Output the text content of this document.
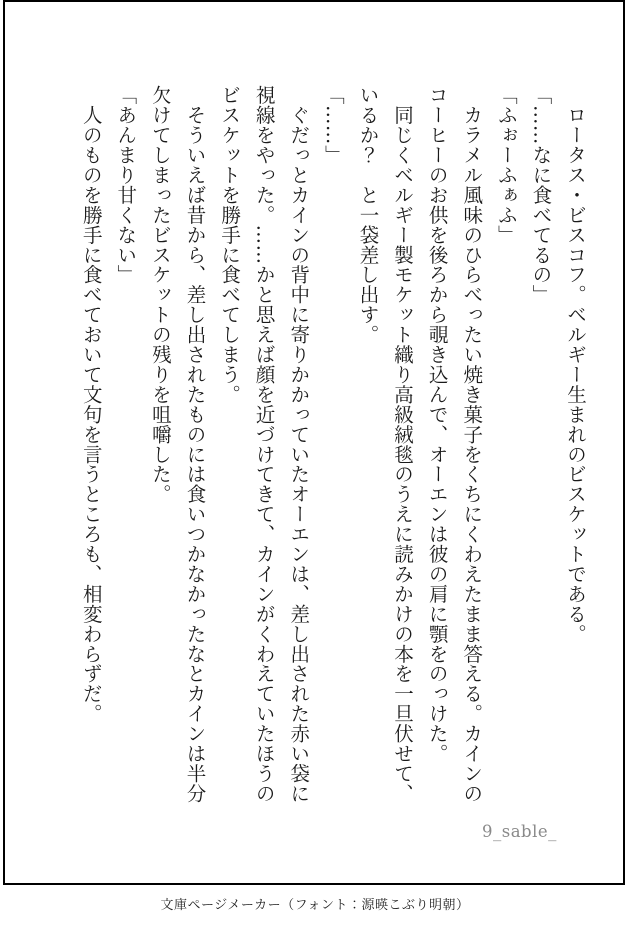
　ロータス・ビスコフ。ベルギー生まれのビスケットである。
「……なに食べてるの」
「ふぉーふぁふ」
　カラメル風味のひらべったい焼き菓子をくちにくわえたまま答える。カインの
コーヒーのお供を後ろから覗き込んで、オーエンは彼の肩に顎をのっけた。
　同じくベルギー製モケット織り高級絨毯のうえに読みかけの本を一旦伏せて、
いるか？　と一袋差し出す。
「……」
　ぐだっとカインの背中に寄りかかっていたオーエンは、差し出された赤い袋に
視線をやった。……かと思えば顔を近づけてきて、カインがくわえていたほうの
ビスケットを勝手に食べてしまう。
　そういえば昔から、差し出されたものには食いつかなかったなとカインは半分
欠けてしまったビスケットの残りを咀嚼した。
「あんまり甘くない」
　人のものを勝手に食べておいて文句を言うところも、相変わらずだ。
9_sable_
文庫ページメーカー（フォント：源暎こぶり明朝）
